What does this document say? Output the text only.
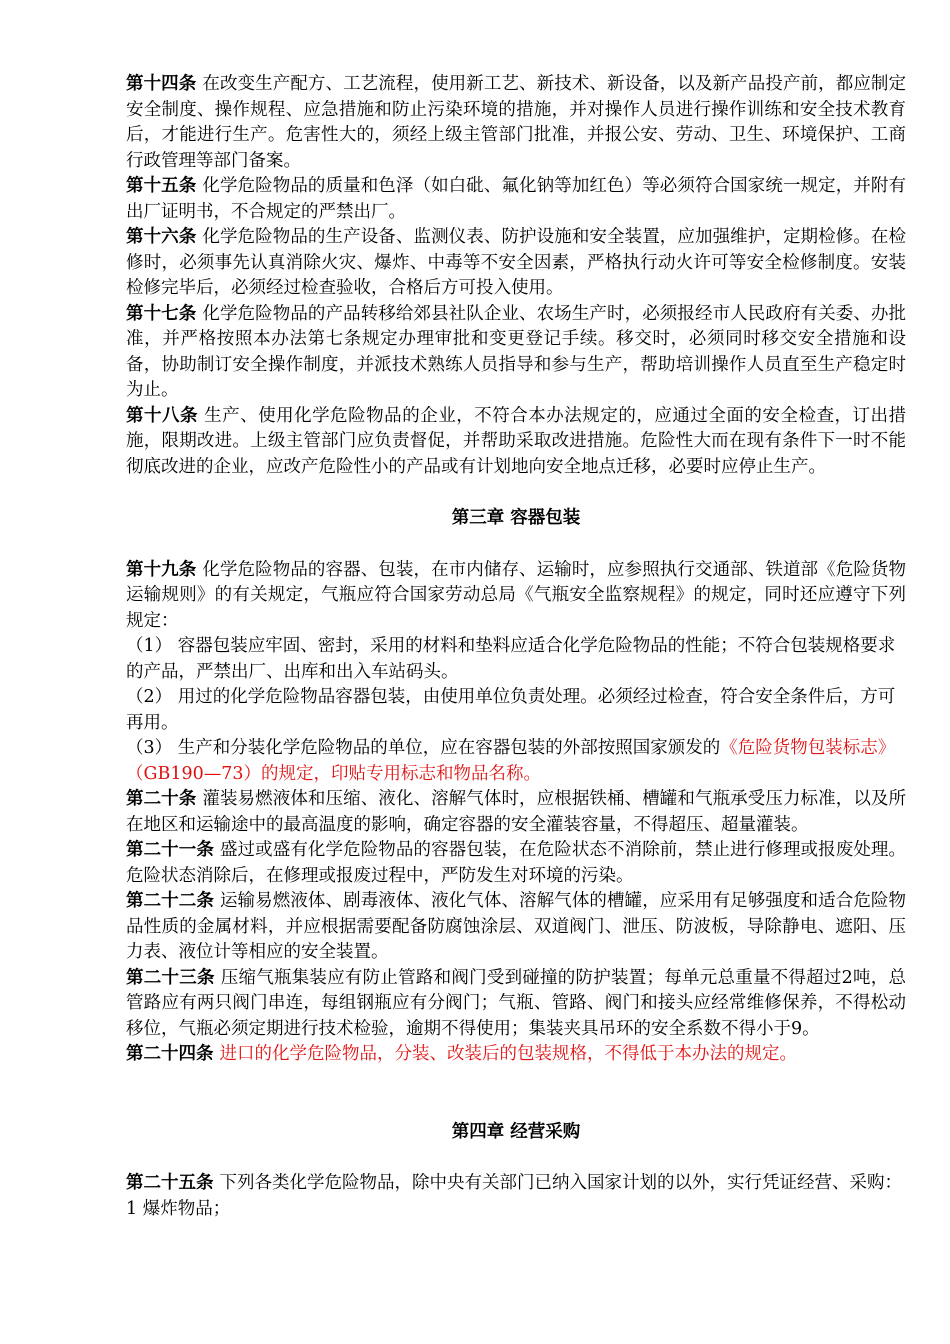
第十四条 在改变生产配方、工艺流程，使用新工艺、新技术、新设备，以及新产品投产前，都应制定安全制度、操作规程、应急措施和防止污染环境的措施，并对操作人员进行操作训练和安全技术教育后，才能进行生产。危害性大的，须经上级主管部门批准，并报公安、劳动、卫生、环境保护、工商行政管理等部门备案。

第十五条 化学危险物品的质量和色泽（如白砒、氟化钠等加红色）等必须符合国家统一规定，并附有出厂证明书，不合规定的严禁出厂。

第十六条 化学危险物品的生产设备、监测仪表、防护设施和安全装置，应加强维护，定期检修。在检修时，必须事先认真消除火灾、爆炸、中毒等不安全因素，严格执行动火许可等安全检修制度。安装检修完毕后，必须经过检查验收，合格后方可投入使用。

第十七条 化学危险物品的产品转移给郊县社队企业、农场生产时，必须报经市人民政府有关委、办批准，并严格按照本办法第七条规定办理审批和变更登记手续。移交时，必须同时移交安全措施和设备，协助制订安全操作制度，并派技术熟练人员指导和参与生产，帮助培训操作人员直至生产稳定时为止。

第十八条 生产、使用化学危险物品的企业，不符合本办法规定的，应通过全面的安全检查，订出措施，限期改进。上级主管部门应负责督促，并帮助采取改进措施。危险性大而在现有条件下一时不能彻底改进的企业，应改产危险性小的产品或有计划地向安全地点迁移，必要时应停止生产。

第三章 容器包装

第十九条 化学危险物品的容器、包装，在市内储存、运输时，应参照执行交通部、铁道部《危险货物运输规则》的有关规定，气瓶应符合国家劳动总局《气瓶安全监察规程》的规定，同时还应遵守下列规定：

（1） 容器包装应牢固、密封，采用的材料和垫料应适合化学危险物品的性能；不符合包装规格要求的产品，严禁出厂、出库和出入车站码头。

（2） 用过的化学危险物品容器包装，由使用单位负责处理。必须经过检查，符合安全条件后，方可再用。

（3） 生产和分装化学危险物品的单位，应在容器包装的外部按照国家颁发的《危险货物包装标志》（GB190—73）的规定，印贴专用标志和物品名称。

第二十条 灌装易燃液体和压缩、液化、溶解气体时，应根据铁桶、槽罐和气瓶承受压力标准，以及所在地区和运输途中的最高温度的影响，确定容器的安全灌装容量，不得超压、超量灌装。

第二十一条 盛过或盛有化学危险物品的容器包装，在危险状态不消除前，禁止进行修理或报废处理。危险状态消除后，在修理或报废过程中，严防发生对环境的污染。

第二十二条 运输易燃液体、剧毒液体、液化气体、溶解气体的槽罐，应采用有足够强度和适合危险物品性质的金属材料，并应根据需要配备防腐蚀涂层、双道阀门、泄压、防波板，导除静电、遮阳、压力表、液位计等相应的安全装置。

第二十三条 压缩气瓶集装应有防止管路和阀门受到碰撞的防护装置；每单元总重量不得超过2吨，总管路应有两只阀门串连，每组钢瓶应有分阀门；气瓶、管路、阀门和接头应经常维修保养，不得松动移位，气瓶必须定期进行技术检验，逾期不得使用；集装夹具吊环的安全系数不得小于9。

第二十四条 进口的化学危险物品，分装、改装后的包装规格，不得低于本办法的规定。

第四章 经营采购

第二十五条 下列各类化学危险物品，除中央有关部门已纳入国家计划的以外，实行凭证经营、采购：

1 爆炸物品；
